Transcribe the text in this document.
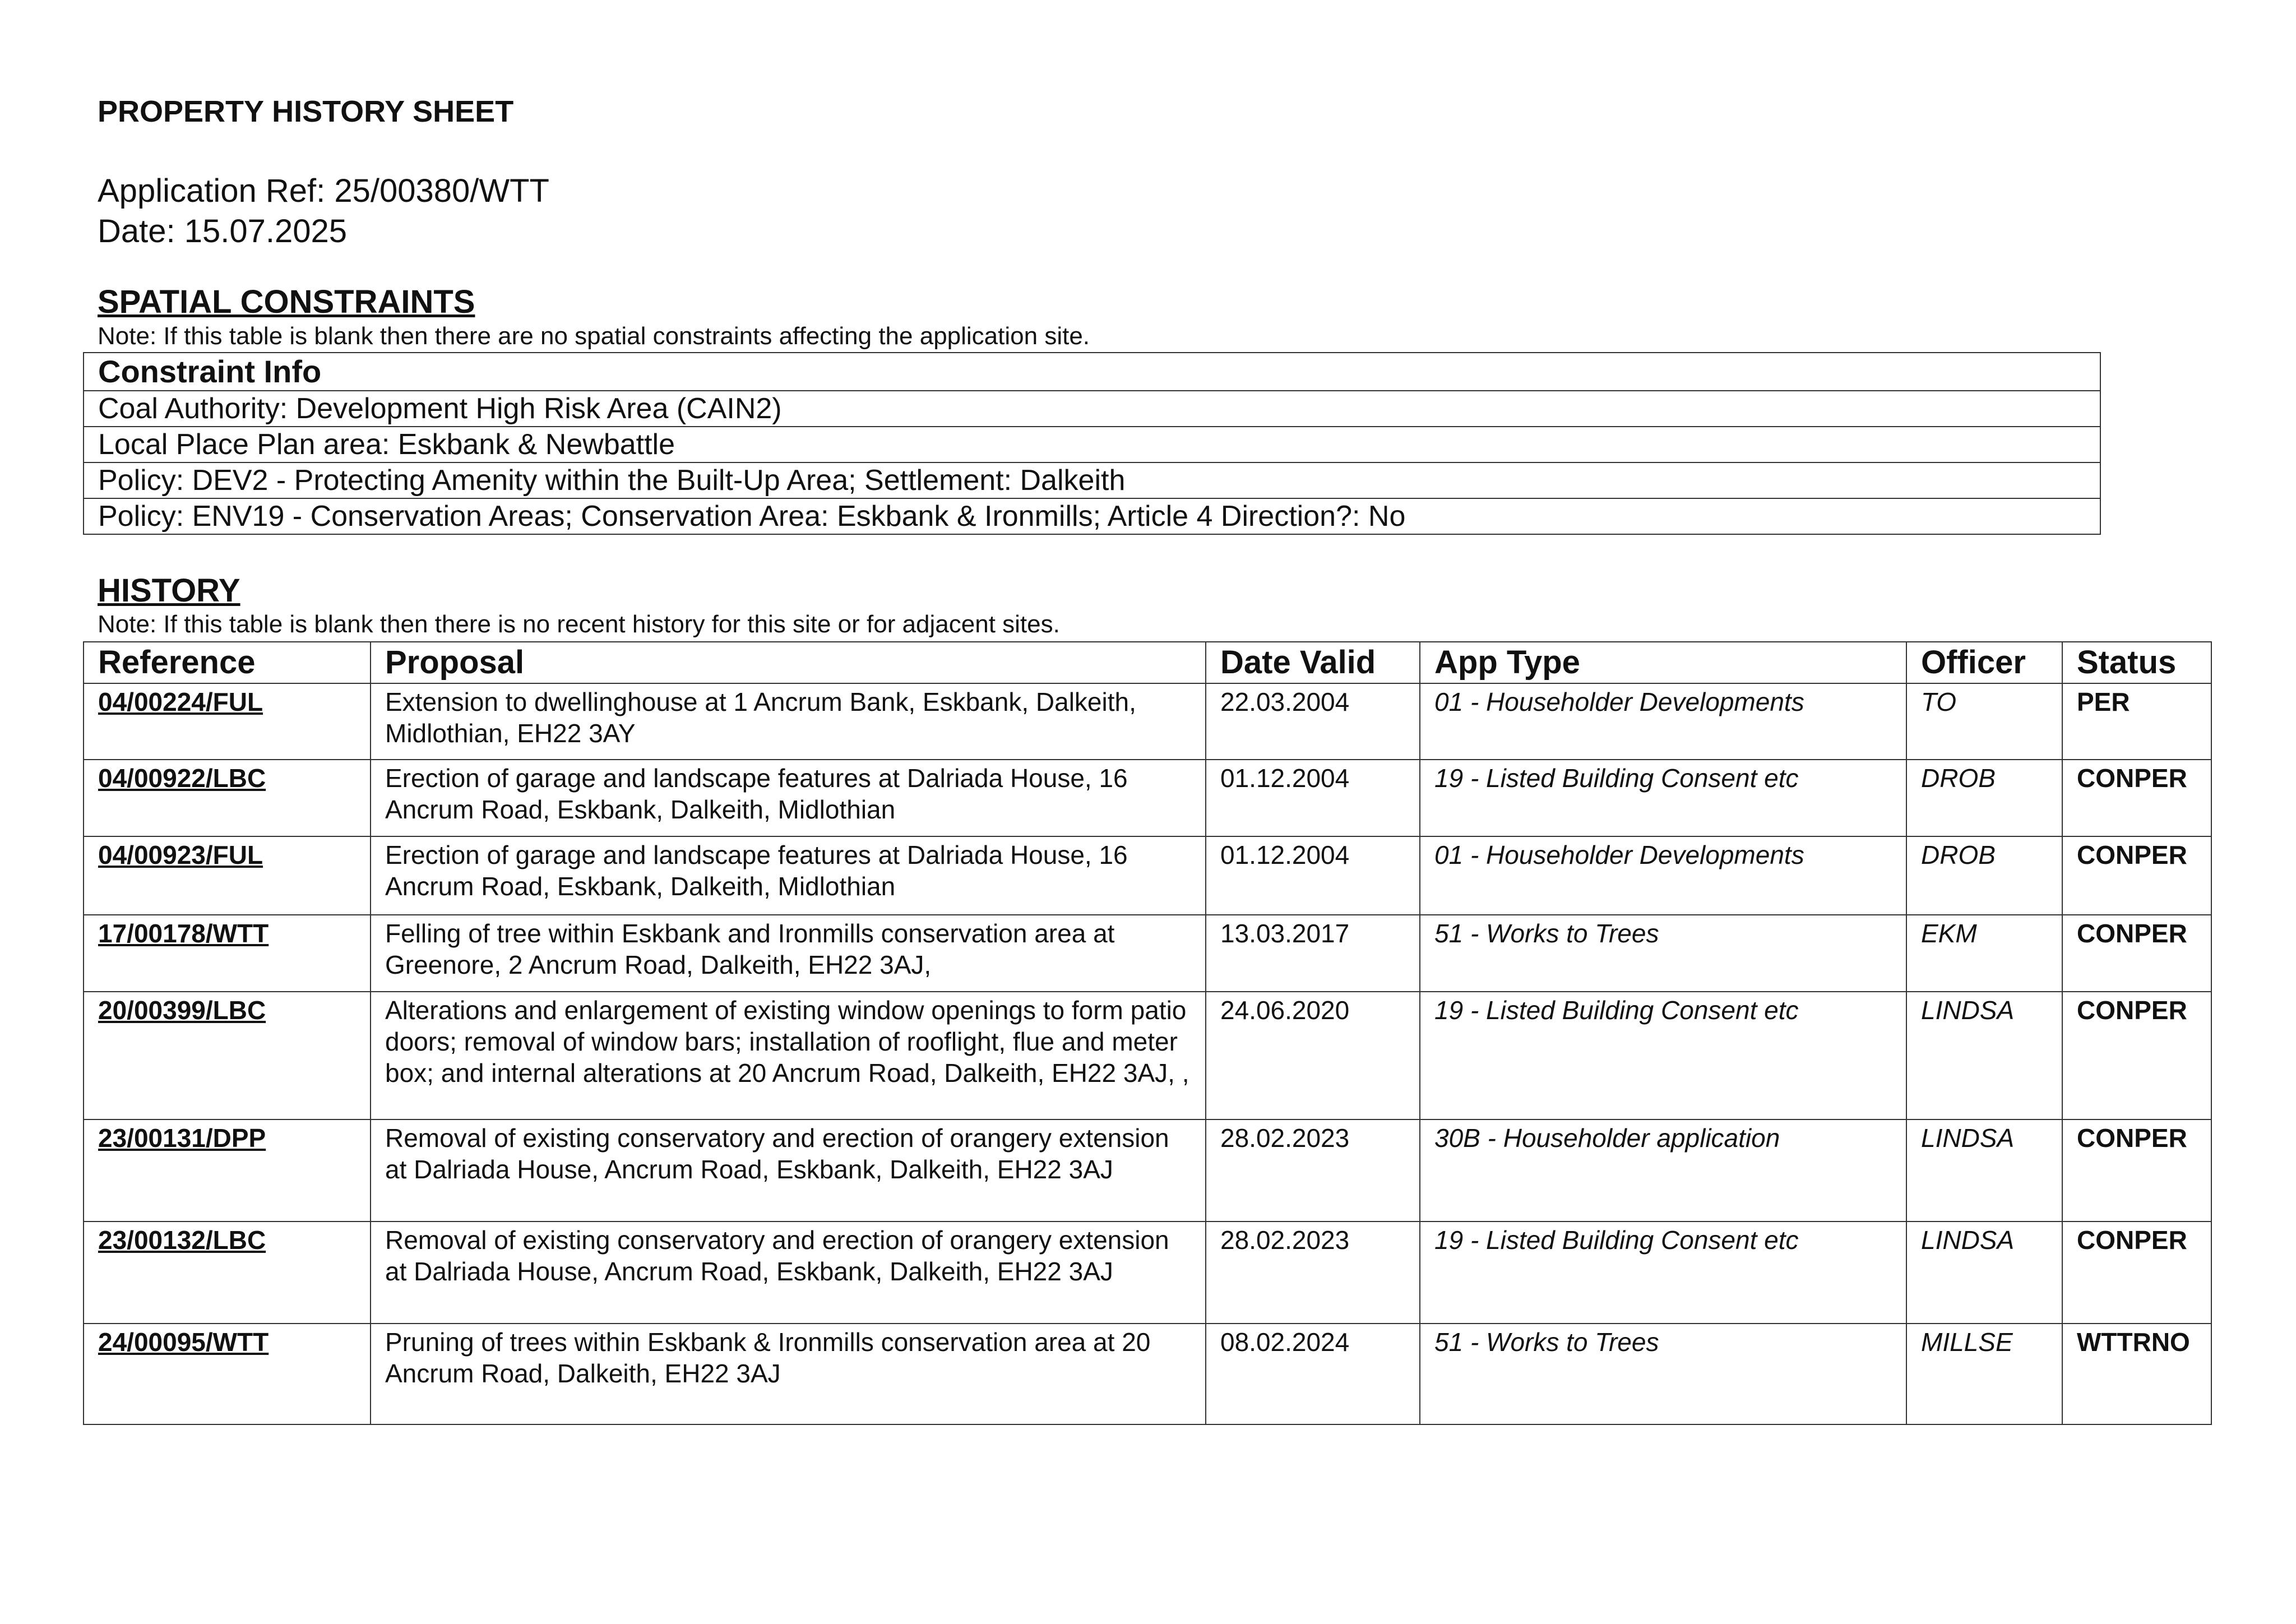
PROPERTY HISTORY SHEET
Application Ref: 25/00380/WTT
Date: 15.07.2025
SPATIAL CONSTRAINTS
Note: If this table is blank then there are no spatial constraints affecting the application site.
Constraint Info
Coal Authority: Development High Risk Area (CAIN2)
Local Place Plan area: Eskbank & Newbattle
Policy: DEV2 - Protecting Amenity within the Built-Up Area; Settlement: Dalkeith
Policy: ENV19 - Conservation Areas; Conservation Area: Eskbank & Ironmills; Article 4 Direction?: No
HISTORY
Note: If this table is blank then there is no recent history for this site or for adjacent sites.
Reference	Proposal	Date Valid	App Type	Officer	Status
04/00224/FUL	Extension to dwellinghouse at 1 Ancrum Bank, Eskbank, Dalkeith, Midlothian, EH22 3AY	22.03.2004	01 - Householder Developments	TO	PER
04/00922/LBC	Erection of garage and landscape features at Dalriada House, 16 Ancrum Road, Eskbank, Dalkeith, Midlothian	01.12.2004	19 - Listed Building Consent etc	DROB	CONPER
04/00923/FUL	Erection of garage and landscape features at Dalriada House, 16 Ancrum Road, Eskbank, Dalkeith, Midlothian	01.12.2004	01 - Householder Developments	DROB	CONPER
17/00178/WTT	Felling of tree within Eskbank and Ironmills conservation area at Greenore, 2 Ancrum Road, Dalkeith, EH22 3AJ,	13.03.2017	51 - Works to Trees	EKM	CONPER
20/00399/LBC	Alterations and enlargement of existing window openings to form patio doors; removal of window bars; installation of rooflight, flue and meter box; and internal alterations at 20 Ancrum Road, Dalkeith, EH22 3AJ, ,	24.06.2020	19 - Listed Building Consent etc	LINDSA	CONPER
23/00131/DPP	Removal of existing conservatory and erection of orangery extension at Dalriada House, Ancrum Road, Eskbank, Dalkeith, EH22 3AJ	28.02.2023	30B - Householder application	LINDSA	CONPER
23/00132/LBC	Removal of existing conservatory and erection of orangery extension at Dalriada House, Ancrum Road, Eskbank, Dalkeith, EH22 3AJ	28.02.2023	19 - Listed Building Consent etc	LINDSA	CONPER
24/00095/WTT	Pruning of trees within Eskbank & Ironmills conservation area at 20 Ancrum Road, Dalkeith, EH22 3AJ	08.02.2024	51 - Works to Trees	MILLSE	WTTRNO
